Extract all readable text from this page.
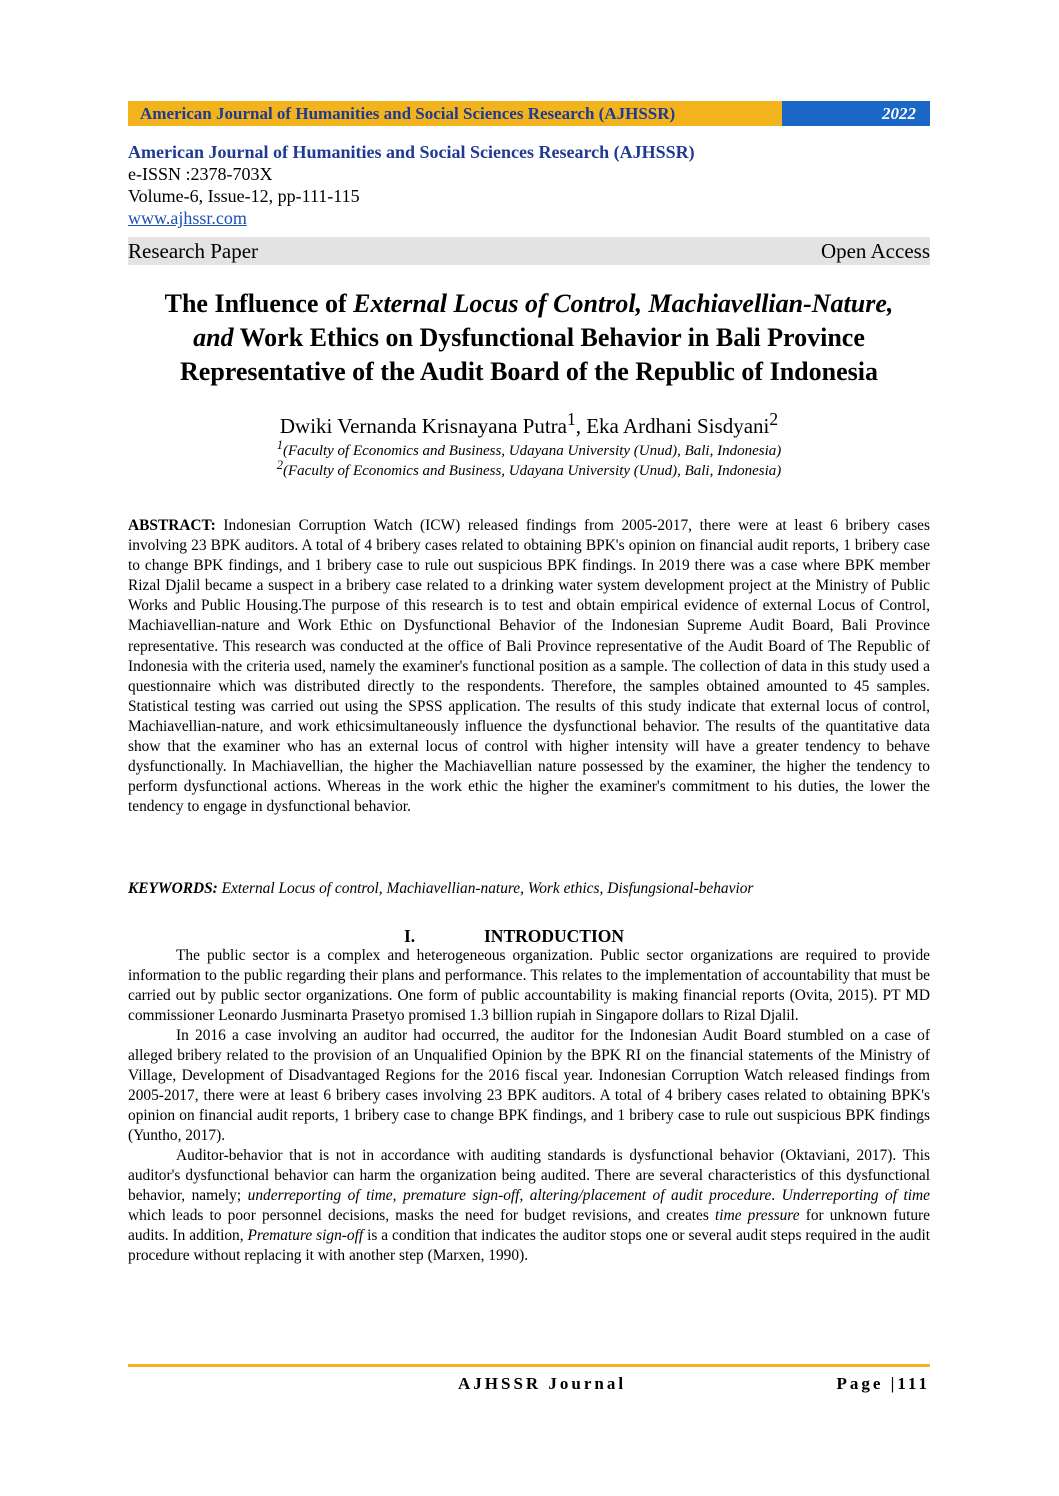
American Journal of Humanities and Social Sciences Research (AJHSSR)	2022
American Journal of Humanities and Social Sciences Research (AJHSSR)
e-ISSN :2378-703X
Volume-6, Issue-12, pp-111-115
www.ajhssr.com
Research Paper	Open Access
The Influence of External Locus of Control, Machiavellian-Nature,
and Work Ethics on Dysfunctional Behavior in Bali Province
Representative of the Audit Board of the Republic of Indonesia
Dwiki Vernanda Krisnayana Putra$^1$, Eka Ardhani Sisdyani$^2$
$^1$(Faculty of Economics and Business, Udayana University (Unud), Bali, Indonesia)
$^2$(Faculty of Economics and Business, Udayana University (Unud), Bali, Indonesia)
ABSTRACT: Indonesian Corruption Watch (ICW) released findings from 2005-2017, there were at least 6 bribery cases involving 23 BPK auditors. A total of 4 bribery cases related to obtaining BPK's opinion on financial audit reports, 1 bribery case to change BPK findings, and 1 bribery case to rule out suspicious BPK findings. In 2019 there was a case where BPK member Rizal Djalil became a suspect in a bribery case related to a drinking water system development project at the Ministry of Public Works and Public Housing.The purpose of this research is to test and obtain empirical evidence of external Locus of Control, Machiavellian-nature and Work Ethic on Dysfunctional Behavior of the Indonesian Supreme Audit Board, Bali Province representative. This research was conducted at the office of Bali Province representative of the Audit Board of The Republic of Indonesia with the criteria used, namely the examiner's functional position as a sample. The collection of data in this study used a questionnaire which was distributed directly to the respondents. Therefore, the samples obtained amounted to 45 samples. Statistical testing was carried out using the SPSS application. The results of this study indicate that external locus of control, Machiavellian-nature, and work ethicsimultaneously influence the dysfunctional behavior. The results of the quantitative data show that the examiner who has an external locus of control with higher intensity will have a greater tendency to behave dysfunctionally. In Machiavellian, the higher the Machiavellian nature possessed by the examiner, the higher the tendency to perform dysfunctional actions. Whereas in the work ethic the higher the examiner's commitment to his duties, the lower the tendency to engage in dysfunctional behavior.
KEYWORDS: External Locus of control, Machiavellian-nature, Work ethics, Disfungsional-behavior
I.	INTRODUCTION

The public sector is a complex and heterogeneous organization. Public sector organizations are required to provide information to the public regarding their plans and performance. This relates to the implementation of accountability that must be carried out by public sector organizations. One form of public accountability is making financial reports (Ovita, 2015). PT MD commissioner Leonardo Jusminarta Prasetyo promised 1.3 billion rupiah in Singapore dollars to Rizal Djalil.

In 2016 a case involving an auditor had occurred, the auditor for the Indonesian Audit Board stumbled on a case of alleged bribery related to the provision of an Unqualified Opinion by the BPK RI on the financial statements of the Ministry of Village, Development of Disadvantaged Regions for the 2016 fiscal year. Indonesian Corruption Watch released findings from 2005-2017, there were at least 6 bribery cases involving 23 BPK auditors. A total of 4 bribery cases related to obtaining BPK's opinion on financial audit reports, 1 bribery case to change BPK findings, and 1 bribery case to rule out suspicious BPK findings (Yuntho, 2017).

Auditor-behavior that is not in accordance with auditing standards is dysfunctional behavior (Oktaviani, 2017). This auditor's dysfunctional behavior can harm the organization being audited. There are several characteristics of this dysfunctional behavior, namely; underreporting of time, premature sign-off, altering/placement of audit procedure. Underreporting of time which leads to poor personnel decisions, masks the need for budget revisions, and creates time pressure for unknown future audits. In addition, Premature sign-off is a condition that indicates the auditor stops one or several audit steps required in the audit procedure without replacing it with another step (Marxen, 1990).

AJHSSR Journal	Page |111
